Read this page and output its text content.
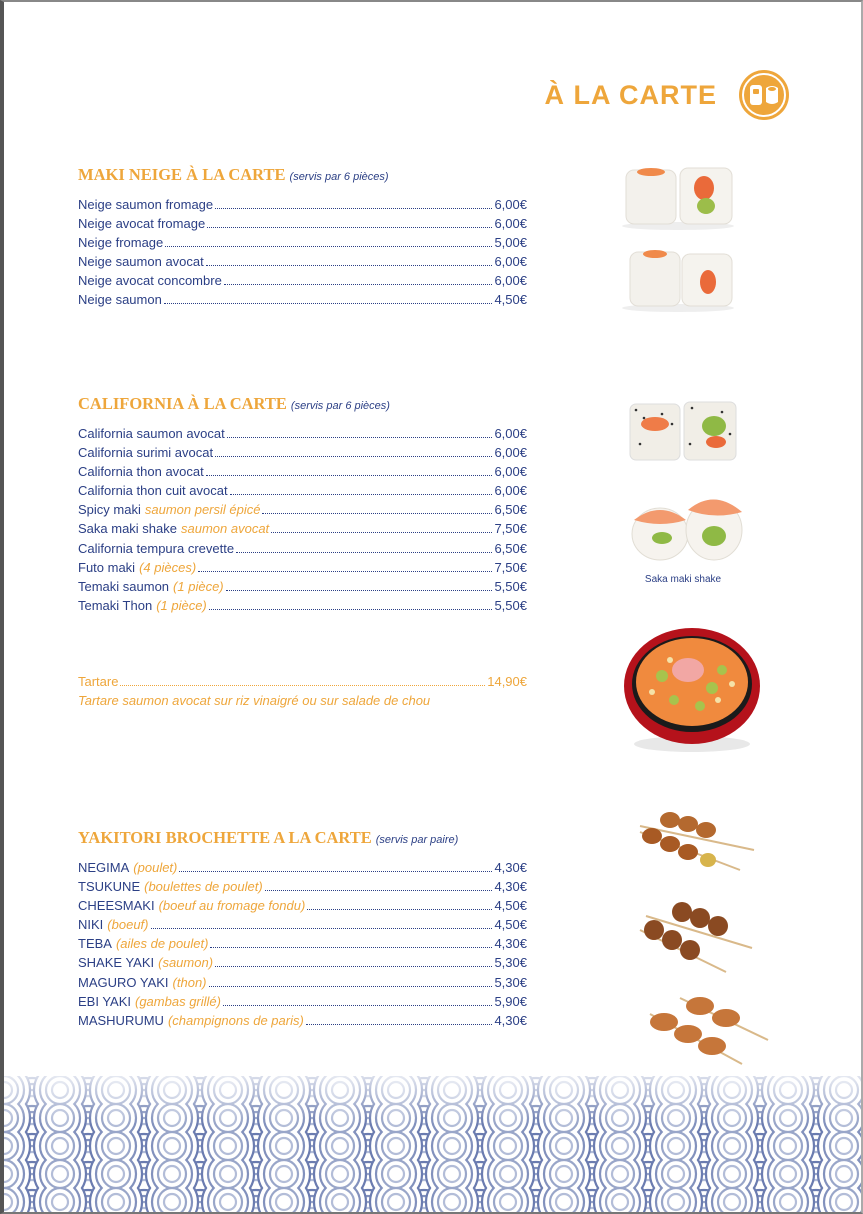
À LA CARTE
MAKI NEIGE À LA CARTE (servis par 6 pièces)
Neige saumon fromage	6,00€
Neige avocat fromage	6,00€
Neige fromage	5,00€
Neige saumon avocat	6,00€
Neige avocat concombre	6,00€
Neige saumon	4,50€
CALIFORNIA À LA CARTE (servis par 6 pièces)
California saumon avocat	6,00€
California surimi avocat	6,00€
California thon avocat	6,00€
California thon cuit avocat	6,00€
Spicy maki saumon persil épicé	6,50€
Saka maki shake saumon avocat	7,50€
California tempura crevette	6,50€
Futo maki (4 pièces)	7,50€
Temaki saumon (1 pièce)	5,50€
Temaki Thon (1 pièce)	5,50€
Tartare	14,90€
Tartare saumon avocat sur riz vinaigré ou sur salade de chou
YAKITORI BROCHETTE A LA CARTE (servis par paire)
NEGIMA (poulet)	4,30€
TSUKUNE (boulettes de poulet)	4,30€
CHEESMAKI (boeuf au fromage fondu)	4,50€
NIKI (boeuf)	4,50€
TEBA (ailes de poulet)	4,30€
SHAKE YAKI (saumon)	5,30€
MAGURO YAKI (thon)	5,30€
EBI YAKI (gambas grillé)	5,90€
MASHURUMU (champignons de paris)	4,30€
Saka maki shake
